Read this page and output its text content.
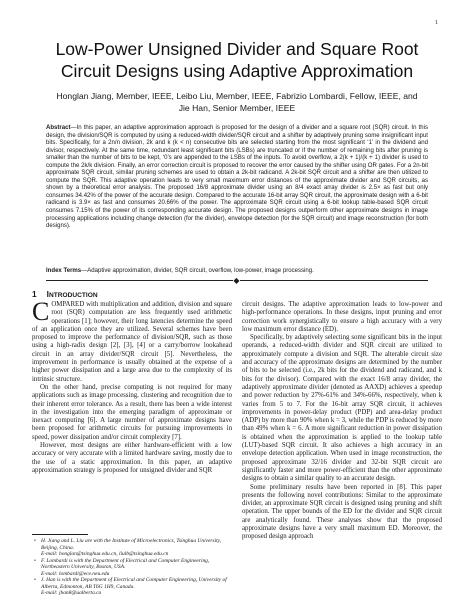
1
Low-Power Unsigned Divider and Square Root
Circuit Designs using Adaptive Approximation
Honglan Jiang, Member, IEEE, Leibo Liu, Member, IEEE, Fabrizio Lombardi, Fellow, IEEE, and
Jie Han, Senior Member, IEEE

Abstract—In this paper, an adaptive approximation approach is proposed for the design of a divider and a square root (SQR) circuit. In this design, the division/SQR is computed by using a reduced-width divider/SQR circuit and a shifter by adaptively pruning some insignificant input bits. Specifically, for a 2n/n division, 2k and k (k < n) consecutive bits are selected starting from the most significant ‘1’ in the dividend and divisor, respectively. At the same time, redundant least significant bits (LSBs) are truncated or if the number of remaining bits after pruning is smaller than the number of bits to be kept, ‘0’s are appended to the LSBs of the inputs. To avoid overflow, a 2(k + 1)/(k + 1) divider is used to compute the 2k/k division. Finally, an error correction circuit is proposed to recover the error caused by the shifter using OR gates. For a 2n-bit approximate SQR circuit, similar pruning schemes are used to obtain a 2k-bit radicand. A 2k-bit SQR circuit and a shifter are then utilized to compute the SQR. This adaptive operation leads to very small maximum error distances of the approximate divider and SQR circuits, as shown by a theoretical error analysis. The proposed 16/8 approximate divider using an 8/4 exact array divider is 2.5× as fast but only consumes 34.42% of the power of the accurate design. Compared to the accurate 16-bit array SQR circuit, the approximate design with a 6-bit radicand is 3.9× as fast and consumes 20.66% of the power. The approximate SQR circuit using a 6-bit lookup table-based SQR circuit consumes 7.15% of the power of its corresponding accurate design. The proposed designs outperform other approximate designs in image processing applications including change detection (for the divider), envelope detection (for the SQR circuit) and image reconstruction (for both designs).

Index Terms—Adaptive approximation, divider, SQR circuit, overflow, low-power, image processing.

◆
1 INTRODUCTION

COMPARED with multiplication and addition, division and square root (SQR) computation are less frequently used arithmetic operations [1]; however, their long latencies determine the speed of an application once they are utilized. Several schemes have been proposed to improve the performance of division/SQR, such as those using a high-radix design [2], [3], [4] or a carry/borrow lookahead circuit in an array divider/SQR circuit [5]. Nevertheless, the improvement in performance is usually obtained at the expense of a higher power dissipation and a large area due to the complexity of its intrinsic structure.

On the other hand, precise computing is not required for many applications such as image processing, clustering and recognition due to their inherent error tolerance. As a result, there has been a wide interest in the investigation into the emerging paradigm of approximate or inexact computing [6]. A large number of approximate designs have been proposed for arithmetic circuits for pursuing improvements in speed, power dissipation and/or circuit complexity [7].

However, most designs are either hardware-efficient with a low accuracy or very accurate with a limited hardware saving, mostly due to the use of a static approximation. In this paper, an adaptive approximation strategy is proposed for unsigned divider and SQR

• H. Jiang and L. Liu are with the Institute of Microelectronics, Tsinghua University, Beijing, China.
E-mail: honglan@tsinghua.edu.cn, liulb@tsinghua.edu.cn

• F. Lombardi is with the Department of Electrical and Computer Engineering, Northeastern University, Boston, USA.
E-mail: lombardi@ece.neu.edu

• J. Han is with the Department of Electrical and Computer Engineering, University of Alberta, Edmonton, AB T6G 1H9, Canada.
E-mail: jhan8@ualberta.ca

circuit designs. The adaptive approximation leads to low-power and high-performance operations. In these designs, input pruning and error correction work synergistically to ensure a high accuracy with a very low maximum error distance (ED).

Specifically, by adaptively selecting some significant bits in the input operands, a reduced-width divider and SQR circuit are utilized to approximately compute a division and SQR. The alterable circuit size and accuracy of the approximate designs are determined by the number of bits to be selected (i.e., 2k bits for the dividend and radicand, and k bits for the divisor). Compared with the exact 16/8 array divider, the adaptively approximate divider (denoted as AAXD) achieves a speedup and power reduction by 27%-61% and 34%-66%, respectively, when k varies from 5 to 7. For the 16-bit array SQR circuit, it achieves improvements in power-delay product (PDP) and area-delay product (ADP) by more than 90% when k = 3, while the PDP is reduced by more than 49% when k = 6. A more significant reduction in power dissipation is obtained when the approximation is applied to the lookup table (LUT)-based SQR circuit. It also achieves a high accuracy in an envelope detection application. When used in image reconstruction, the proposed approximate 32/16 divider and 32-bit SQR circuit are significantly faster and more power-efficient than the other approximate designs to obtain a similar quality to an accurate design.

Some preliminary results have been reported in [8]. This paper presents the following novel contributions: Similar to the approximate divider, an approximate SQR circuit is designed using pruning and shift operation. The upper bounds of the ED for the divider and SQR circuit are analytically found. These analyses show that the proposed approximate designs have a very small maximum ED. Moreover, the proposed design approach
